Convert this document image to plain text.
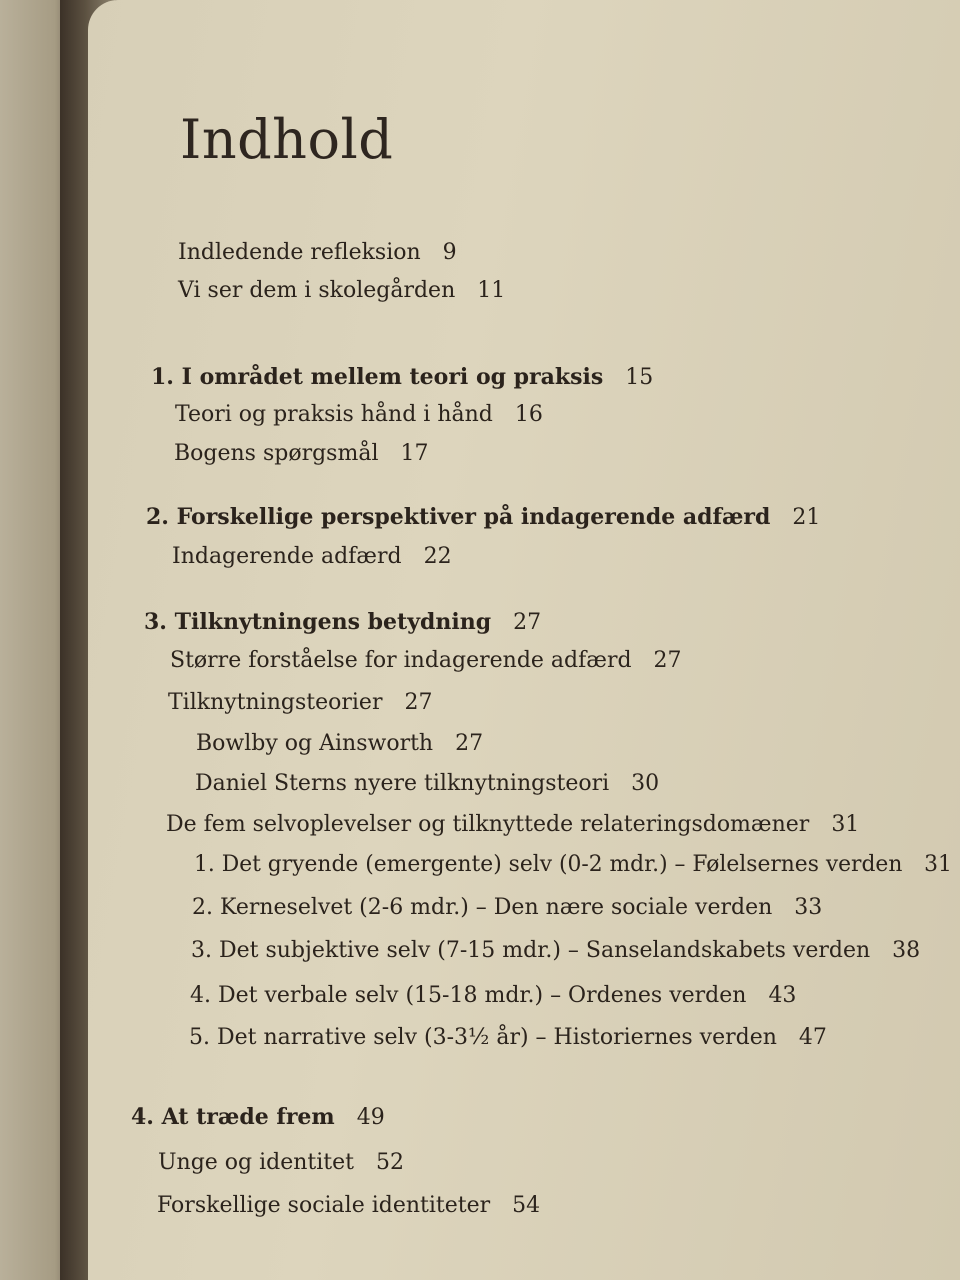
Indhold
Indledende refleksion 9
Vi ser dem i skolegården 11
1. I området mellem teori og praksis 15
Teori og praksis hånd i hånd 16
Bogens spørgsmål 17
2. Forskellige perspektiver på indagerende adfærd 21
Indagerende adfærd 22
3. Tilknytningens betydning 27
Større forståelse for indagerende adfærd 27
Tilknytningsteorier 27
Bowlby og Ainsworth 27
Daniel Sterns nyere tilknytningsteori 30
De fem selvoplevelser og tilknyttede relateringsdomæner 31
1. Det gryende (emergente) selv (0-2 mdr.) – Følelsernes verden 31
2. Kerneselvet (2-6 mdr.) – Den nære sociale verden 33
3. Det subjektive selv (7-15 mdr.) – Sanselandskabets verden 38
4. Det verbale selv (15-18 mdr.) – Ordenes verden 43
5. Det narrative selv (3-3½ år) – Historiernes verden 47
4. At træde frem 49
Unge og identitet 52
Forskellige sociale identiteter 54
